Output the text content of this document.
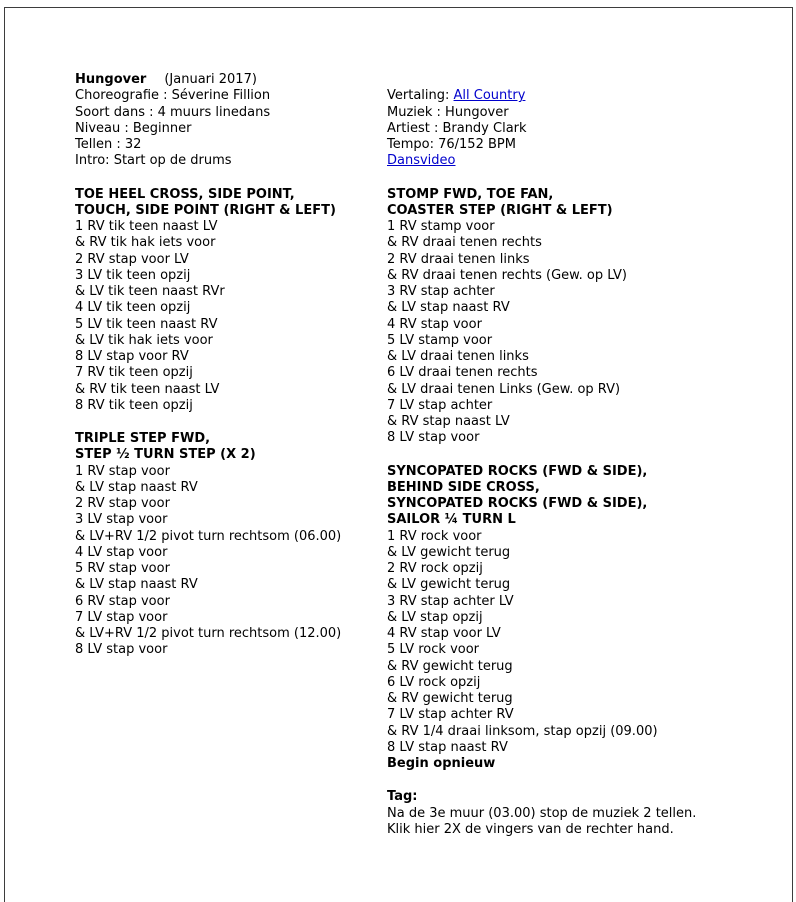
Hungover (Januari 2017)
Choreografie : Séverine Fillion
Soort dans : 4 muurs linedans
Niveau : Beginner
Tellen : 32
Intro: Start op de drums
Vertaling: All Country
Muziek : Hungover
Artiest : Brandy Clark
Tempo: 76/152 BPM
Dansvideo
TOE HEEL CROSS, SIDE POINT,
TOUCH, SIDE POINT (RIGHT & LEFT)
1 RV tik teen naast LV
& RV tik hak iets voor
2 RV stap voor LV
3 LV tik teen opzij
& LV tik teen naast RVr
4 LV tik teen opzij
5 LV tik teen naast RV
& LV tik hak iets voor
8 LV stap voor RV
7 RV tik teen opzij
& RV tik teen naast LV
8 RV tik teen opzij
TRIPLE STEP FWD,
STEP ½ TURN STEP (X 2)
1 RV stap voor
& LV stap naast RV
2 RV stap voor
3 LV stap voor
& LV+RV 1/2 pivot turn rechtsom (06.00)
4 LV stap voor
5 RV stap voor
& LV stap naast RV
6 RV stap voor
7 LV stap voor
& LV+RV 1/2 pivot turn rechtsom (12.00)
8 LV stap voor
STOMP FWD, TOE FAN,
COASTER STEP (RIGHT & LEFT)
1 RV stamp voor
& RV draai tenen rechts
2 RV draai tenen links
& RV draai tenen rechts (Gew. op LV)
3 RV stap achter
& LV stap naast RV
4 RV stap voor
5 LV stamp voor
& LV draai tenen links
6 LV draai tenen rechts
& LV draai tenen Links (Gew. op RV)
7 LV stap achter
& RV stap naast LV
8 LV stap voor
SYNCOPATED ROCKS (FWD & SIDE),
BEHIND SIDE CROSS,
SYNCOPATED ROCKS (FWD & SIDE),
SAILOR ¼ TURN L
1 RV rock voor
& LV gewicht terug
2 RV rock opzij
& LV gewicht terug
3 RV stap achter LV
& LV stap opzij
4 RV stap voor LV
5 LV rock voor
& RV gewicht terug
6 LV rock opzij
& RV gewicht terug
7 LV stap achter RV
& RV 1/4 draai linksom, stap opzij (09.00)
8 LV stap naast RV
Begin opnieuw
Tag:
Na de 3e muur (03.00) stop de muziek 2 tellen.
Klik hier 2X de vingers van de rechter hand.
